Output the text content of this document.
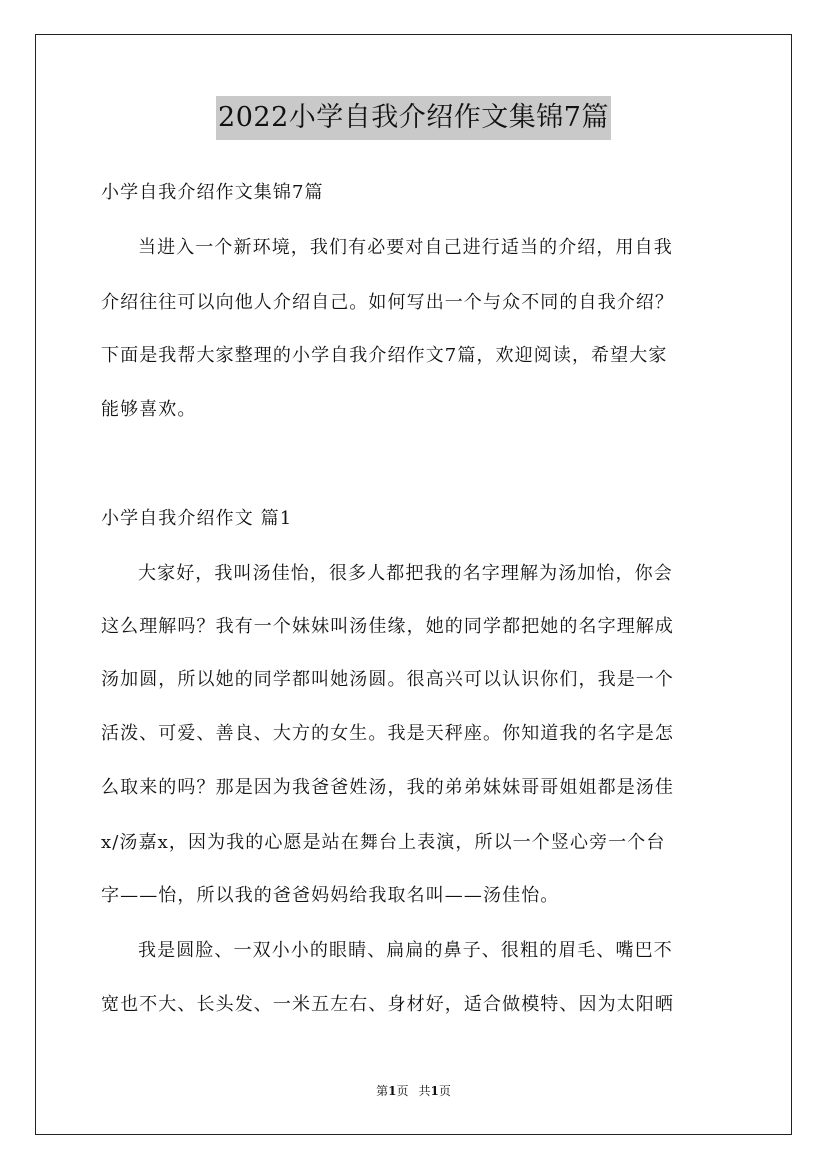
2022小学自我介绍作文集锦7篇
小学自我介绍作文集锦7篇
当进入一个新环境，我们有必要对自己进行适当的介绍，用自我
介绍往往可以向他人介绍自己。如何写出一个与众不同的自我介绍？
下面是我帮大家整理的小学自我介绍作文7篇，欢迎阅读，希望大家
能够喜欢。
小学自我介绍作文 篇1
大家好，我叫汤佳怡，很多人都把我的名字理解为汤加怡，你会
这么理解吗？我有一个妹妹叫汤佳缘，她的同学都把她的名字理解成
汤加圆，所以她的同学都叫她汤圆。很高兴可以认识你们，我是一个
活泼、可爱、善良、大方的女生。我是天秤座。你知道我的名字是怎
么取来的吗？那是因为我爸爸姓汤，我的弟弟妹妹哥哥姐姐都是汤佳
x/汤嘉x，因为我的心愿是站在舞台上表演，所以一个竖心旁一个台
字——怡，所以我的爸爸妈妈给我取名叫——汤佳怡。
我是圆脸、一双小小的眼睛、扁扁的鼻子、很粗的眉毛、嘴巴不
宽也不大、长头发、一米五左右、身材好，适合做模特、因为太阳晒
第1页 共1页
